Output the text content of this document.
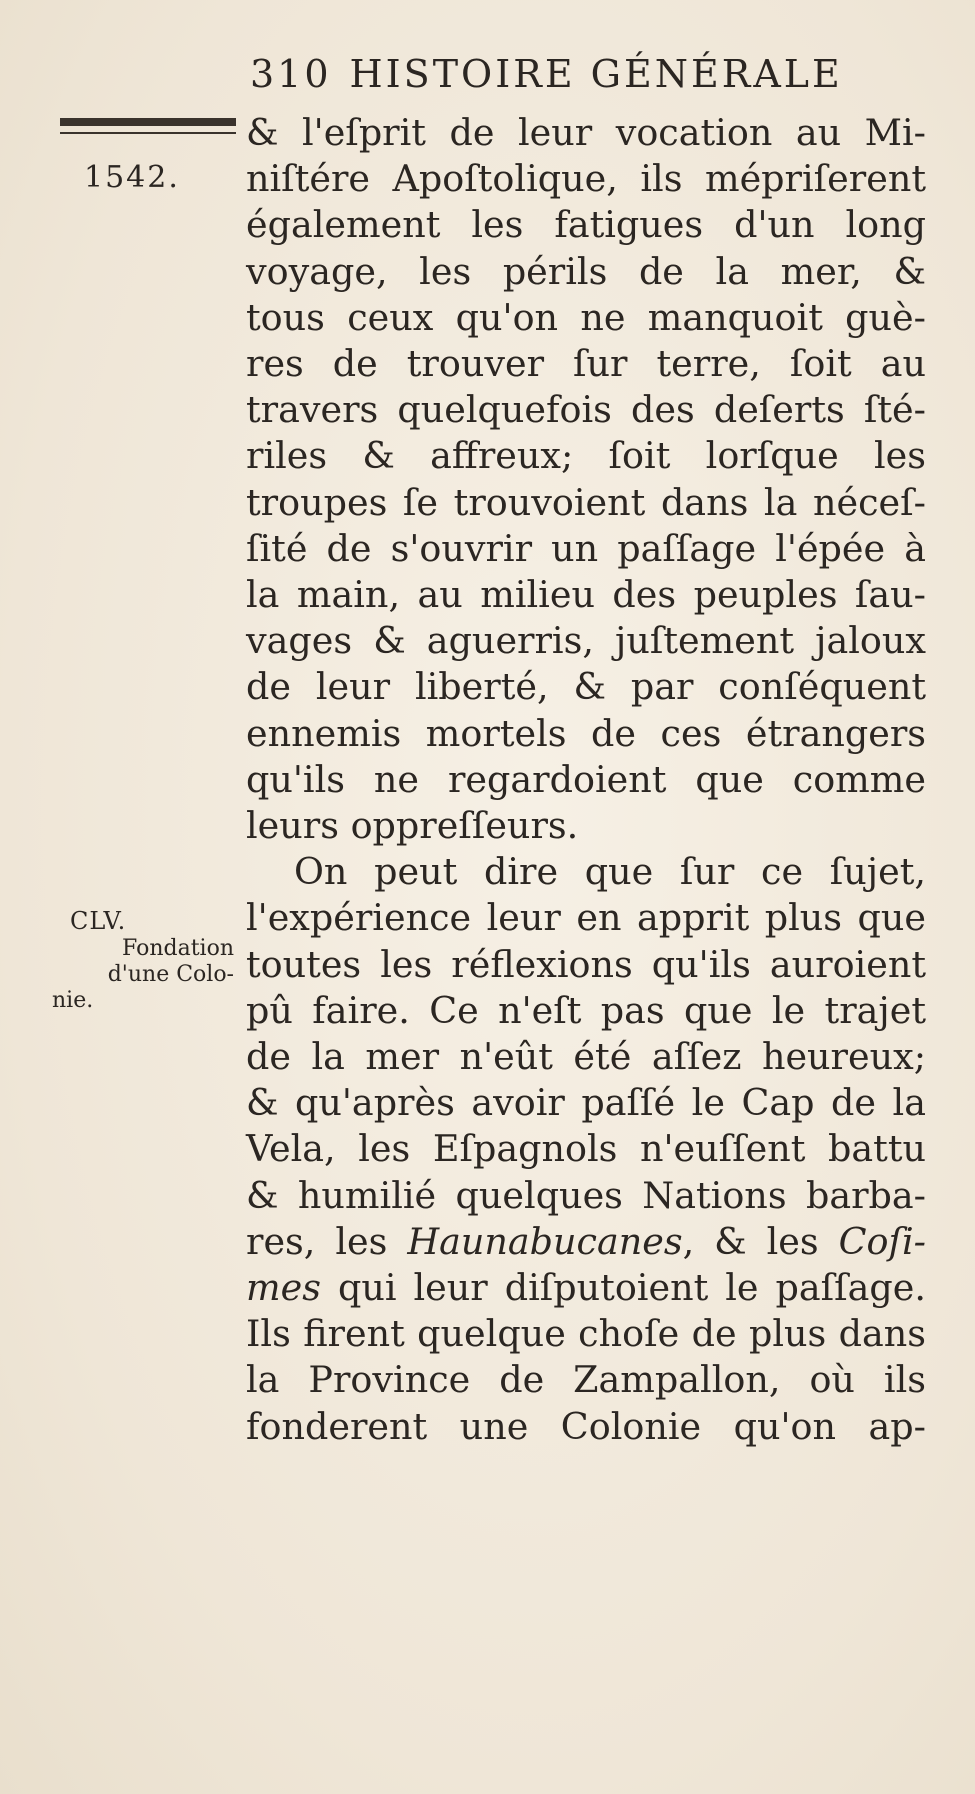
310 HISTOIRE GÉNÉRALE
1542.
& l'eſprit de leur vocation au Mi-
niſtére Apoſtolique, ils mépriſerent
également les fatigues d'un long
voyage, les périls de la mer, &
tous ceux qu'on ne manquoit guè-
res de trouver ſur terre, ſoit au
travers quelquefois des deſerts ſté-
riles & affreux; ſoit lorſque les
troupes ſe trouvoient dans la néceſ-
ſité de s'ouvrir un paſſage l'épée à
la main, au milieu des peuples ſau-
vages & aguerris, juſtement jaloux
de leur liberté, & par conſéquent
ennemis mortels de ces étrangers
qu'ils ne regardoient que comme
leurs oppreſſeurs.
On peut dire que ſur ce ſujet,
l'expérience leur en apprit plus que
toutes les réflexions qu'ils auroient
pû faire. Ce n'eſt pas que le trajet
de la mer n'eût été aſſez heureux;
& qu'après avoir paſſé le Cap de la
Vela, les Eſpagnols n'euſſent battu
& humilié quelques Nations barba-
res, les Haunabucanes, & les Coſi-
mes qui leur diſputoient le paſſage.
Ils firent quelque choſe de plus dans
la Province de Zampallon, où ils
fonderent une Colonie qu'on ap-
CLV.
Fondation
d'une Colo-
nie.
